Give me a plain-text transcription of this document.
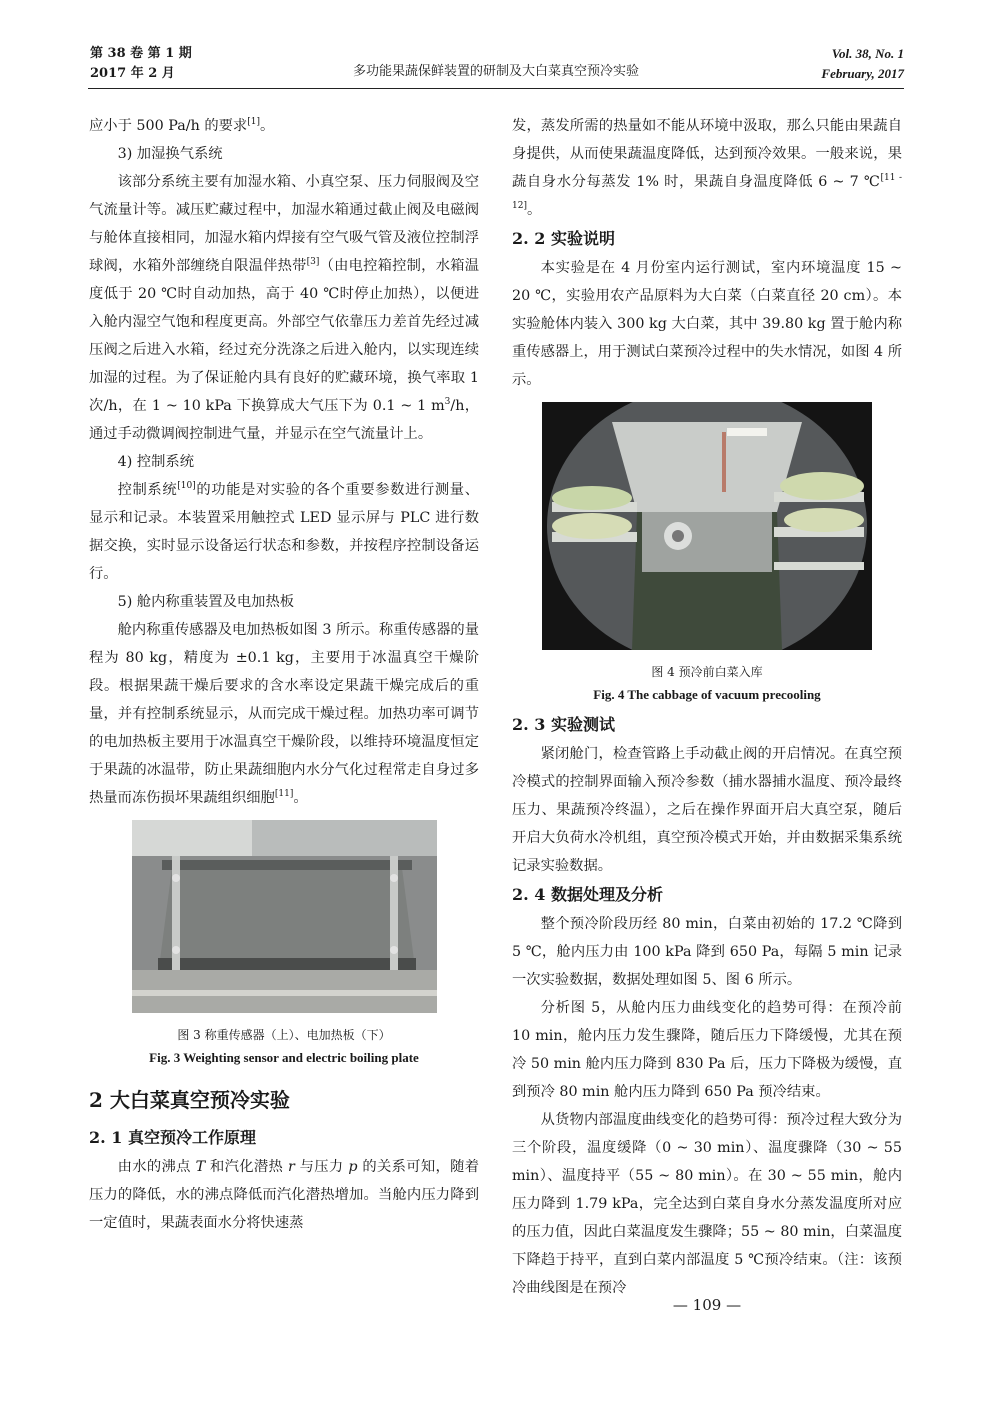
第 38 卷 第 1 期
2017 年 2 月	多功能果蔬保鲜装置的研制及大白菜真空预冷实验
Vol. 38, No. 1
February, 2017

应小于 500 Pa/h 的要求[1]。

3) 加湿换气系统

该部分系统主要有加湿水箱、小真空泵、压力伺服阀及空气流量计等。减压贮藏过程中，加湿水箱通过截止阀及电磁阀与舱体直接相同，加湿水箱内焊接有空气吸气管及液位控制浮球阀，水箱外部缠绕自限温伴热带[3]（由电控箱控制，水箱温度低于 20 ℃时自动加热，高于 40 ℃时停止加热），以便进入舱内湿空气饱和程度更高。外部空气依靠压力差首先经过减压阀之后进入水箱，经过充分洗涤之后进入舱内，以实现连续加湿的过程。为了保证舱内具有良好的贮藏环境，换气率取 1 次/h，在 1 ~ 10 kPa 下换算成大气压下为 0.1 ~ 1 $m^3/h$，通过手动微调阀控制进气量，并显示在空气流量计上。

4) 控制系统

控制系统[10]的功能是对实验的各个重要参数进行测量、显示和记录。本装置采用触控式 LED 显示屏与 PLC 进行数据交换，实时显示设备运行状态和参数，并按程序控制设备运行。

5) 舱内称重装置及电加热板

舱内称重传感器及电加热板如图 3 所示。称重传感器的量程为 80 kg，精度为 ±0.1 kg，主要用于冰温真空干燥阶段。根据果蔬干燥后要求的含水率设定果蔬干燥完成后的重量，并有控制系统显示，从而完成干燥过程。加热功率可调节的电加热板主要用于冰温真空干燥阶段，以维持环境温度恒定于果蔬的冰温带，防止果蔬细胞内水分气化过程常走自身过多热量而冻伤损坏果蔬组织细胞[11]。

图 3 称重传感器（上）、电加热板（下）
Fig. 3 Weighting sensor and electric boiling plate
2 大白菜真空预冷实验
2. 1 真空预冷工作原理

由水的沸点 T 和汽化潜热 r 与压力 p 的关系可知，随着压力的降低，水的沸点降低而汽化潜热增加。当舱内压力降到一定值时，果蔬表面水分将快速蒸

发，蒸发所需的热量如不能从环境中汲取，那么只能由果蔬自身提供，从而使果蔬温度降低，达到预冷效果。一般来说，果蔬自身水分每蒸发 1% 时，果蔬自身温度降低 6 ~ 7 ℃[11 - 12]。

2. 2 实验说明

本实验是在 4 月份室内运行测试，室内环境温度 15 ~ 20 ℃，实验用农产品原料为大白菜（白菜直径 20 cm）。本实验舱体内装入 300 kg 大白菜，其中 39.80 kg 置于舱内称重传感器上，用于测试白菜预冷过程中的失水情况，如图 4 所示。

图 4 预冷前白菜入库
Fig. 4 The cabbage of vacuum precooling
2. 3 实验测试

紧闭舱门，检查管路上手动截止阀的开启情况。在真空预冷模式的控制界面输入预冷参数（捕水器捕水温度、预冷最终压力、果蔬预冷终温），之后在操作界面开启大真空泵，随后开启大负荷水冷机组，真空预冷模式开始，并由数据采集系统记录实验数据。

2. 4 数据处理及分析

整个预冷阶段历经 80 min，白菜由初始的 17.2 ℃降到 5 ℃，舱内压力由 100 kPa 降到 650 Pa，每隔 5 min 记录一次实验数据，数据处理如图 5、图 6 所示。

分析图 5，从舱内压力曲线变化的趋势可得：在预冷前 10 min，舱内压力发生骤降，随后压力下降缓慢，尤其在预冷 50 min 舱内压力降到 830 Pa 后，压力下降极为缓慢，直到预冷 80 min 舱内压力降到 650 Pa 预冷结束。

从货物内部温度曲线变化的趋势可得：预冷过程大致分为三个阶段，温度缓降（0 ~ 30 min）、温度骤降（30 ~ 55 min）、温度持平（55 ~ 80 min）。在 30 ~ 55 min，舱内压力降到 1.79 kPa，完全达到白菜自身水分蒸发温度所对应的压力值，因此白菜温度发生骤降；55 ~ 80 min，白菜温度下降趋于持平，直到白菜内部温度 5 ℃预冷结束。（注：该预冷曲线图是在预冷

— 109 —
